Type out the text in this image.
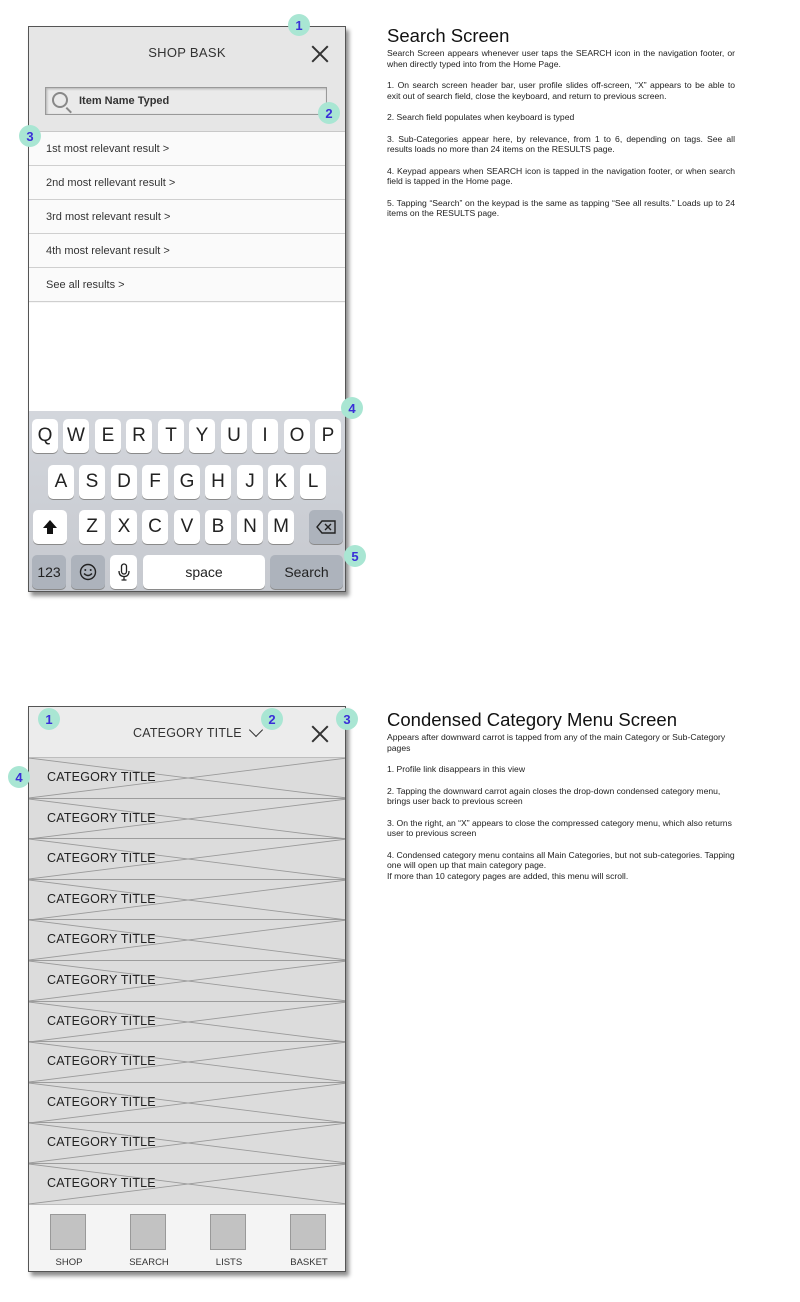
SHOP BASK
Item Name Typed
1st most relevant result >
2nd most rellevant result >
3rd most relevant result >
4th most relevant result >
See all results >
Q W E R	T Y U	I	O P
A S D F G H	J	K	L
Z	X C V B N M
123	space	Search
1
2
3
4
5
Search Screen

Search Screen appears whenever user taps the SEARCH icon in the navigation footer, or when directly typed into from the Home Page.

1. On search screen header bar, user profile slides off-screen, “X” appears to be able to exit out of search field, close the keyboard, and return to previous screen.

2. Search field populates when keyboard is typed

3. Sub-Categories appear here, by relevance, from 1 to 6, depending on tags. See all results loads no more than 24 items on the RESULTS page.

4. Keypad appears when SEARCH icon is tapped in the navigation footer, or when search field is tapped in the Home page.

5. Tapping “Search” on the keypad is the same as tapping “See all results.” Loads up to 24 items on the RESULTS page.

CATEGORY TITLE
CATEGORY TITLE
CATEGORY TITLE
CATEGORY TITLE
CATEGORY TITLE
CATEGORY TITLE
CATEGORY TITLE
CATEGORY TITLE
CATEGORY TITLE
CATEGORY TITLE
CATEGORY TITLE
CATEGORY TITLE
SHOP	SEARCH	LISTS	BASKET
1	2	3
4
Condensed Category Menu Screen

Appears after downward carrot is tapped from any of the main Category or Sub-Category pages

1. Profile link disappears in this view

2. Tapping the downward carrot again closes the drop-down condensed category menu, brings user back to previous screen

3. On the right, an “X” appears to close the compressed category menu, which also returns user to previous screen

4. Condensed category menu contains all Main Categories, but not sub-categories. Tapping one will open up that main category page.
If more than 10 category pages are added, this menu will scroll.
